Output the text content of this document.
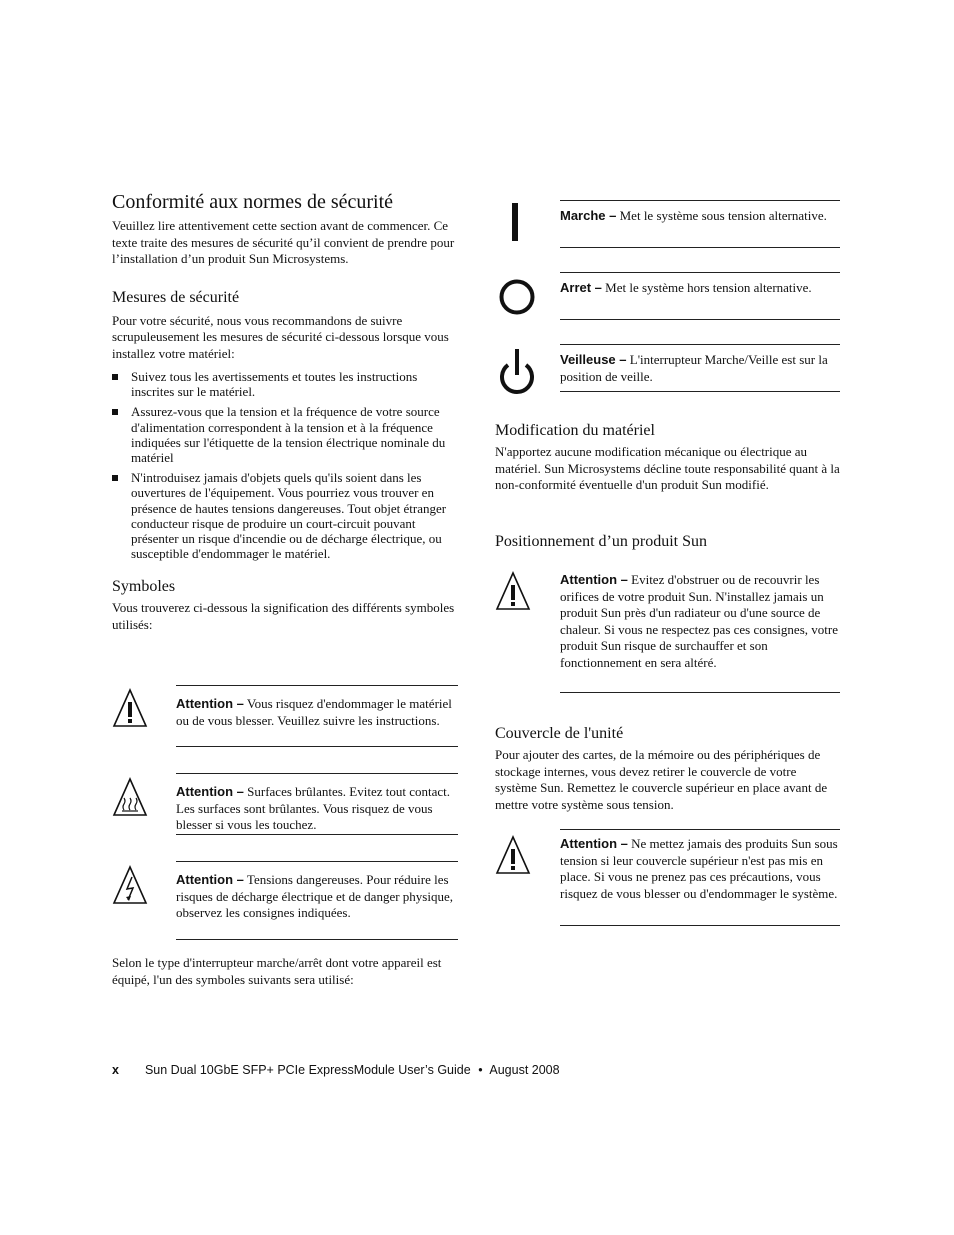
Conformité aux normes de sécurité

Veuillez lire attentivement cette section avant de commencer. Ce texte traite des mesures de sécurité qu’il convient de prendre pour l’installation d’un produit Sun Microsystems.

Mesures de sécurité

Pour votre sécurité, nous vous recommandons de suivre scrupuleusement les mesures de sécurité ci-dessous lorsque vous installez votre matériel:

Suivez tous les avertissements et toutes les instructions inscrites sur le matériel.
Assurez-vous que la tension et la fréquence de votre source d'alimentation correspondent à la tension et à la fréquence indiquées sur l'étiquette de la tension électrique nominale du matériel
N'introduisez jamais d'objets quels qu'ils soient dans les ouvertures de l'équipement. Vous pourriez vous trouver en présence de hautes tensions dangereuses. Tout objet étranger conducteur risque de produire un court-circuit pouvant présenter un risque d'incendie ou de décharge électrique, ou susceptible d'endommager le matériel.
Symboles

Vous trouverez ci-dessous la signification des différents symboles utilisés:

Attention – Vous risquez d'endommager le matériel ou de vous blesser. Veuillez suivre les instructions.
Attention – Surfaces brûlantes. Evitez tout contact. Les surfaces sont brûlantes. Vous risquez de vous blesser si vous les touchez.
Attention – Tensions dangereuses. Pour réduire les risques de décharge électrique et de danger physique, observez les consignes indiquées.

Selon le type d'interrupteur marche/arrêt dont votre appareil est équipé, l'un des symboles suivants sera utilisé:

Marche – Met le système sous tension alternative.
Arret – Met le système hors tension alternative.
Veilleuse – L'interrupteur Marche/Veille est sur la position de veille.
Modification du matériel

N'apportez aucune modification mécanique ou électrique au matériel. Sun Microsystems décline toute responsabilité quant à la non-conformité éventuelle d'un produit Sun modifié.

Positionnement d’un produit Sun
Attention – Evitez d'obstruer ou de recouvrir les orifices de votre produit Sun. N'installez jamais un produit Sun près d'un radiateur ou d'une source de chaleur. Si vous ne respectez pas ces consignes, votre produit Sun risque de surchauffer et son fonctionnement en sera altéré.
Couvercle de l'unité

Pour ajouter des cartes, de la mémoire ou des périphériques de stockage internes, vous devez retirer le couvercle de votre système Sun. Remettez le couvercle supérieur en place avant de mettre votre système sous tension.

Attention – Ne mettez jamais des produits Sun sous tension si leur couvercle supérieur n'est pas mis en place. Si vous ne prenez pas ces précautions, vous risquez de vous blesser ou d'endommager le système.
x Sun Dual 10GbE SFP+ PCIe ExpressModule User’s Guide • August 2008
